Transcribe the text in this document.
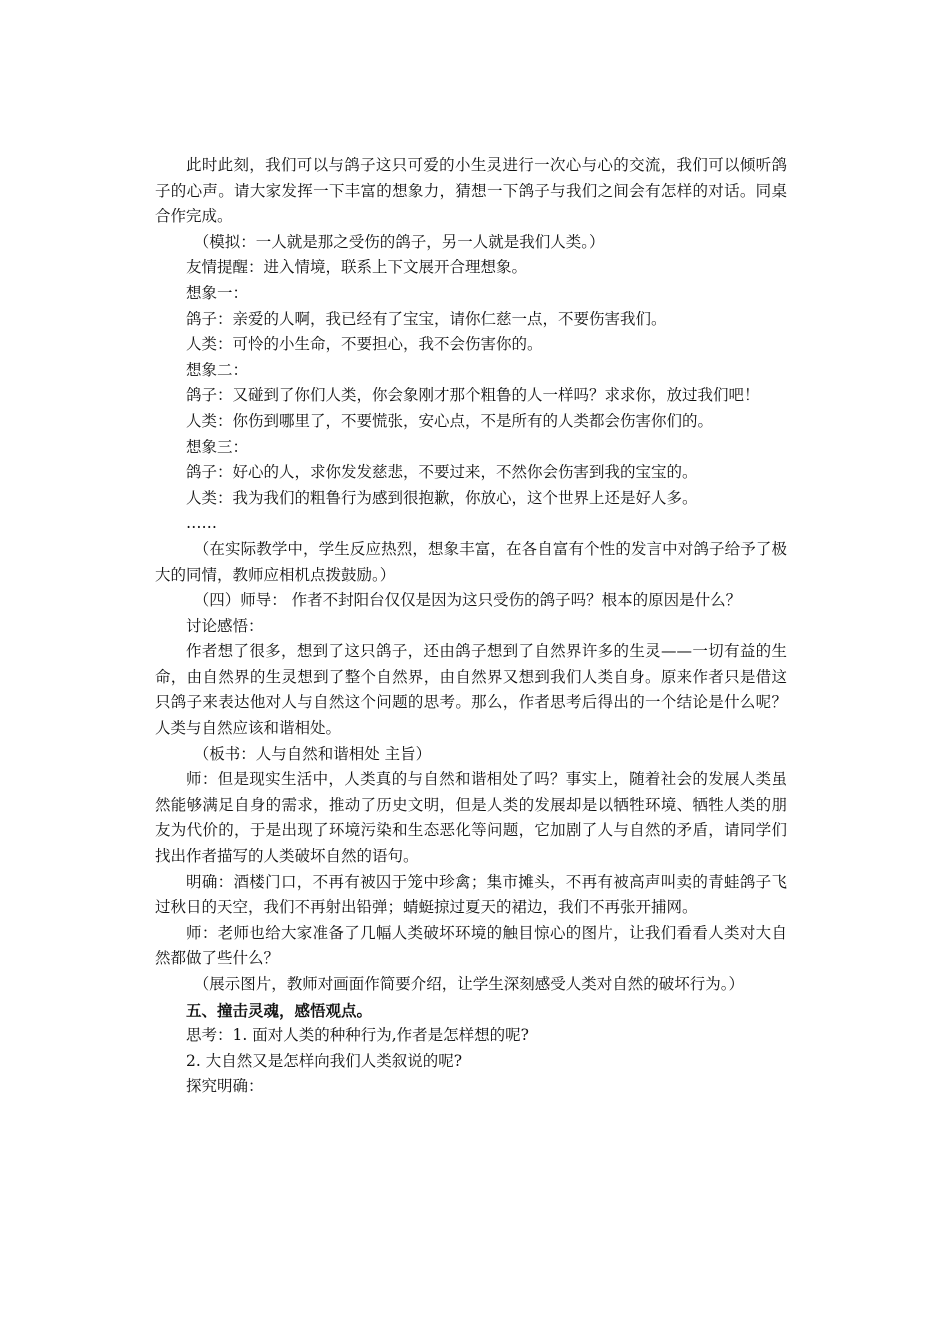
此时此刻，我们可以与鸽子这只可爱的小生灵进行一次心与心的交流，我们可以倾听鸽子的心声。请大家发挥一下丰富的想象力，猜想一下鸽子与我们之间会有怎样的对话。同桌合作完成。

（模拟：一人就是那之受伤的鸽子，另一人就是我们人类。）

友情提醒：进入情境，联系上下文展开合理想象。

想象一：

鸽子：亲爱的人啊，我已经有了宝宝，请你仁慈一点，不要伤害我们。

人类：可怜的小生命，不要担心，我不会伤害你的。

想象二：

鸽子：又碰到了你们人类，你会象刚才那个粗鲁的人一样吗？求求你，放过我们吧！

人类：你伤到哪里了，不要慌张，安心点，不是所有的人类都会伤害你们的。

想象三：

鸽子：好心的人，求你发发慈悲，不要过来，不然你会伤害到我的宝宝的。

人类：我为我们的粗鲁行为感到很抱歉，你放心，这个世界上还是好人多。

……

（在实际教学中，学生反应热烈，想象丰富，在各自富有个性的发言中对鸽子给予了极大的同情，教师应相机点拨鼓励。）

（四）师导： 作者不封阳台仅仅是因为这只受伤的鸽子吗？根本的原因是什么？

讨论感悟：

作者想了很多，想到了这只鸽子，还由鸽子想到了自然界许多的生灵——一切有益的生命，由自然界的生灵想到了整个自然界，由自然界又想到我们人类自身。原来作者只是借这只鸽子来表达他对人与自然这个问题的思考。那么，作者思考后得出的一个结论是什么呢？人类与自然应该和谐相处。

（板书：人与自然和谐相处 主旨）

师：但是现实生活中，人类真的与自然和谐相处了吗？事实上，随着社会的发展人类虽然能够满足自身的需求，推动了历史文明，但是人类的发展却是以牺牲环境、牺牲人类的朋友为代价的，于是出现了环境污染和生态恶化等问题，它加剧了人与自然的矛盾，请同学们找出作者描写的人类破坏自然的语句。

明确：酒楼门口，不再有被囚于笼中珍禽；集市摊头，不再有被高声叫卖的青蛙鸽子飞过秋日的天空，我们不再射出铅弹；蜻蜓掠过夏天的裙边，我们不再张开捕网。

师：老师也给大家准备了几幅人类破坏环境的触目惊心的图片，让我们看看人类对大自然都做了些什么？

（展示图片，教师对画面作简要介绍，让学生深刻感受人类对自然的破坏行为。）

五、撞击灵魂，感悟观点。

思考：1. 面对人类的种种行为,作者是怎样想的呢?

2. 大自然又是怎样向我们人类叙说的呢?

探究明确：
